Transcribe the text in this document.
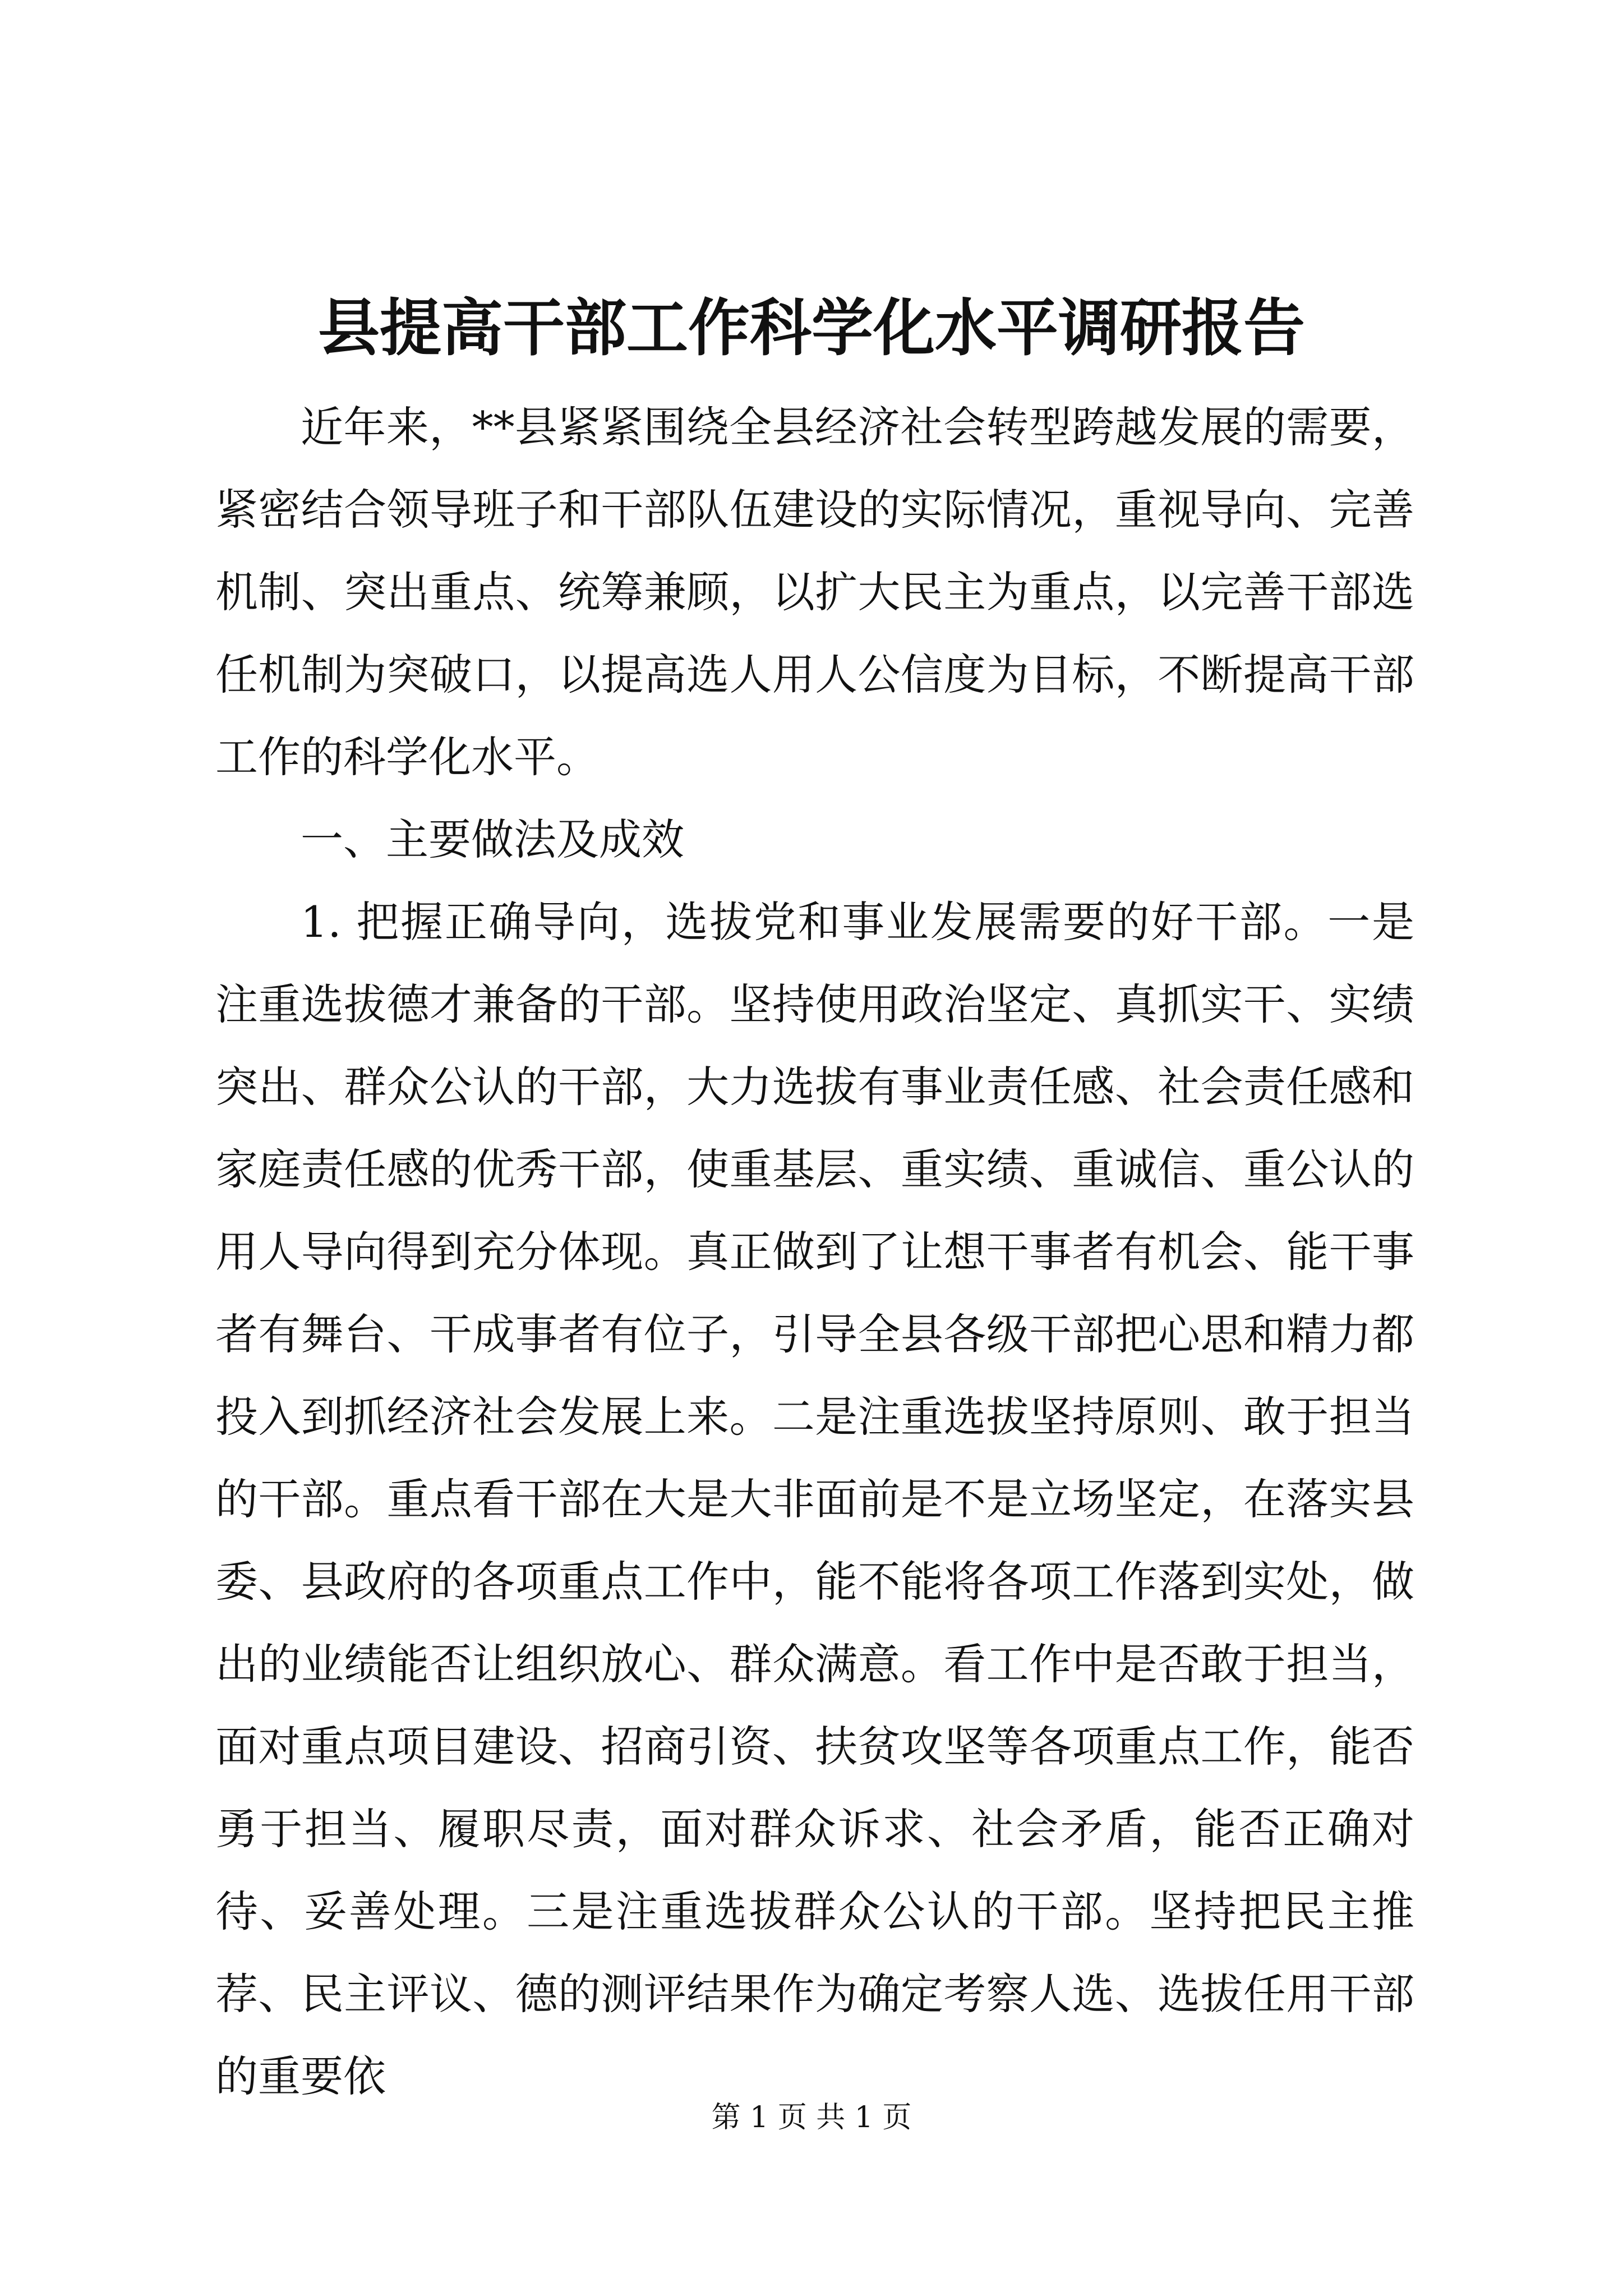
县提高干部工作科学化水平调研报告

近年来，**县紧紧围绕全县经济社会转型跨越发展的需要，紧密结合领导班子和干部队伍建设的实际情况，重视导向、完善机制、突出重点、统筹兼顾，以扩大民主为重点，以完善干部选任机制为突破口，以提高选人用人公信度为目标，不断提高干部工作的科学化水平。

一、主要做法及成效

1. 把握正确导向，选拔党和事业发展需要的好干部。一是注重选拔德才兼备的干部。坚持使用政治坚定、真抓实干、实绩突出、群众公认的干部，大力选拔有事业责任感、社会责任感和家庭责任感的优秀干部，使重基层、重实绩、重诚信、重公认的用人导向得到充分体现。真正做到了让想干事者有机会、能干事者有舞台、干成事者有位子，引导全县各级干部把心思和精力都投入到抓经济社会发展上来。二是注重选拔坚持原则、敢于担当的干部。重点看干部在大是大非面前是不是立场坚定，在落实县委、县政府的各项重点工作中，能不能将各项工作落到实处，做出的业绩能否让组织放心、群众满意。看工作中是否敢于担当，面对重点项目建设、招商引资、扶贫攻坚等各项重点工作，能否勇于担当、履职尽责，面对群众诉求、社会矛盾，能否正确对待、妥善处理。三是注重选拔群众公认的干部。坚持把民主推荐、民主评议、德的测评结果作为确定考察人选、选拔任用干部的重要依

第 1 页 共 1 页
